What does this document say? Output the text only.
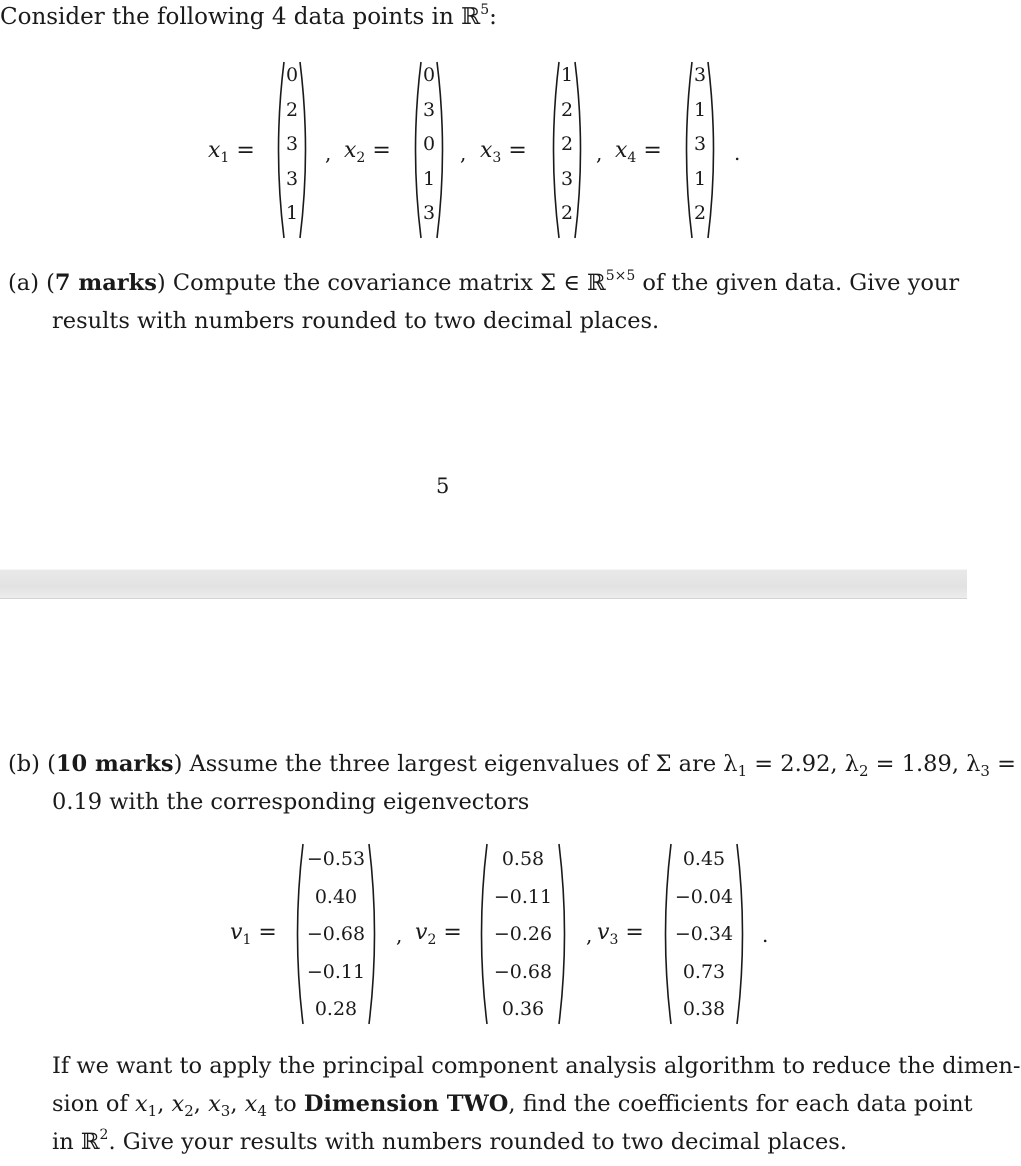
Consider the following 4 data points in ℝ$^5$:
$x_1$ =
0
2
3
3
1
, $x_2$ =
0
3
0
1
3
, $x_3$ =
1
2
2
3
2
, $x_4$ =
3
1
3
1
2
.
(a) (7 marks) Compute the covariance matrix Σ ∈ ℝ$^{5\times 5}$ of the given data. Give your
results with numbers rounded to two decimal places.
5
(b) (10 marks) Assume the three largest eigenvalues of Σ are $\lambda_1 = 2.92$, $\lambda_2 = 1.89$, $\lambda_3$ =
0.19 with the corresponding eigenvectors
$v_1$ =
−0.53
0.40
−0.68
−0.11
0.28
, $v_2$ =
0.58
−0.11
−0.26
−0.68
0.36
, $v_3$ =
0.45
−0.04
−0.34
0.73
0.38
.
If we want to apply the principal component analysis algorithm to reduce the dimen-
sion of $x_1$, $x_2$, $x_3$, $x_4$ to Dimension TWO, find the coefficients for each data point
in ℝ$^2$. Give your results with numbers rounded to two decimal places.
